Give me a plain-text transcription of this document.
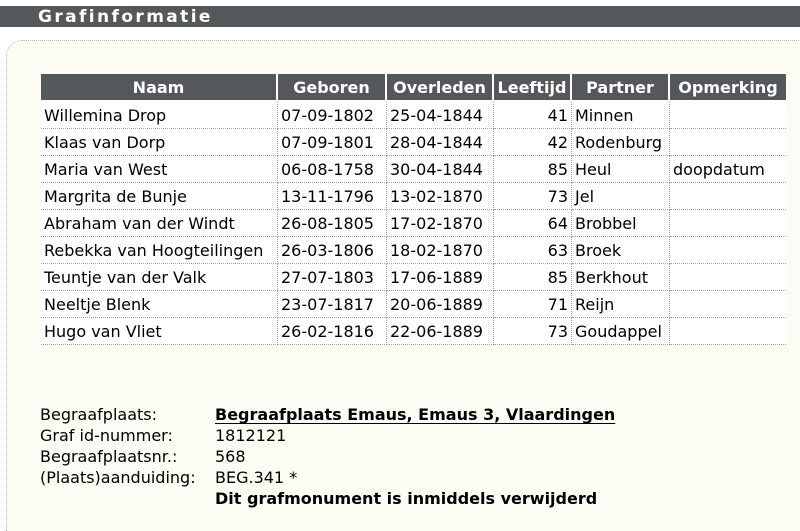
Grafinformatie
Naam	Geboren	Overleden	Leeftijd	Partner	Opmerking
Willemina Drop	07-09-1802	25-04-1844	41	Minnen	
Klaas van Dorp	07-09-1801	28-04-1844	42	Rodenburg	
Maria van West	06-08-1758	30-04-1844	85	Heul	doopdatum
Margrita de Bunje	13-11-1796	13-02-1870	73	Jel	
Abraham van der Windt	26-08-1805	17-02-1870	64	Brobbel	
Rebekka van Hoogteilingen	26-03-1806	18-02-1870	63	Broek	
Teuntje van der Valk	27-07-1803	17-06-1889	85	Berkhout	
Neeltje Blenk	23-07-1817	20-06-1889	71	Reijn	
Hugo van Vliet	26-02-1816	22-06-1889	73	Goudappel	
Begraafplaats:	Begraafplaats Emaus, Emaus 3, Vlaardingen
Graf id-nummer:	1812121
Begraafplaatsnr.:	568
(Plaats)aanduiding:	BEG.341 *
Dit grafmonument is inmiddels verwijderd
